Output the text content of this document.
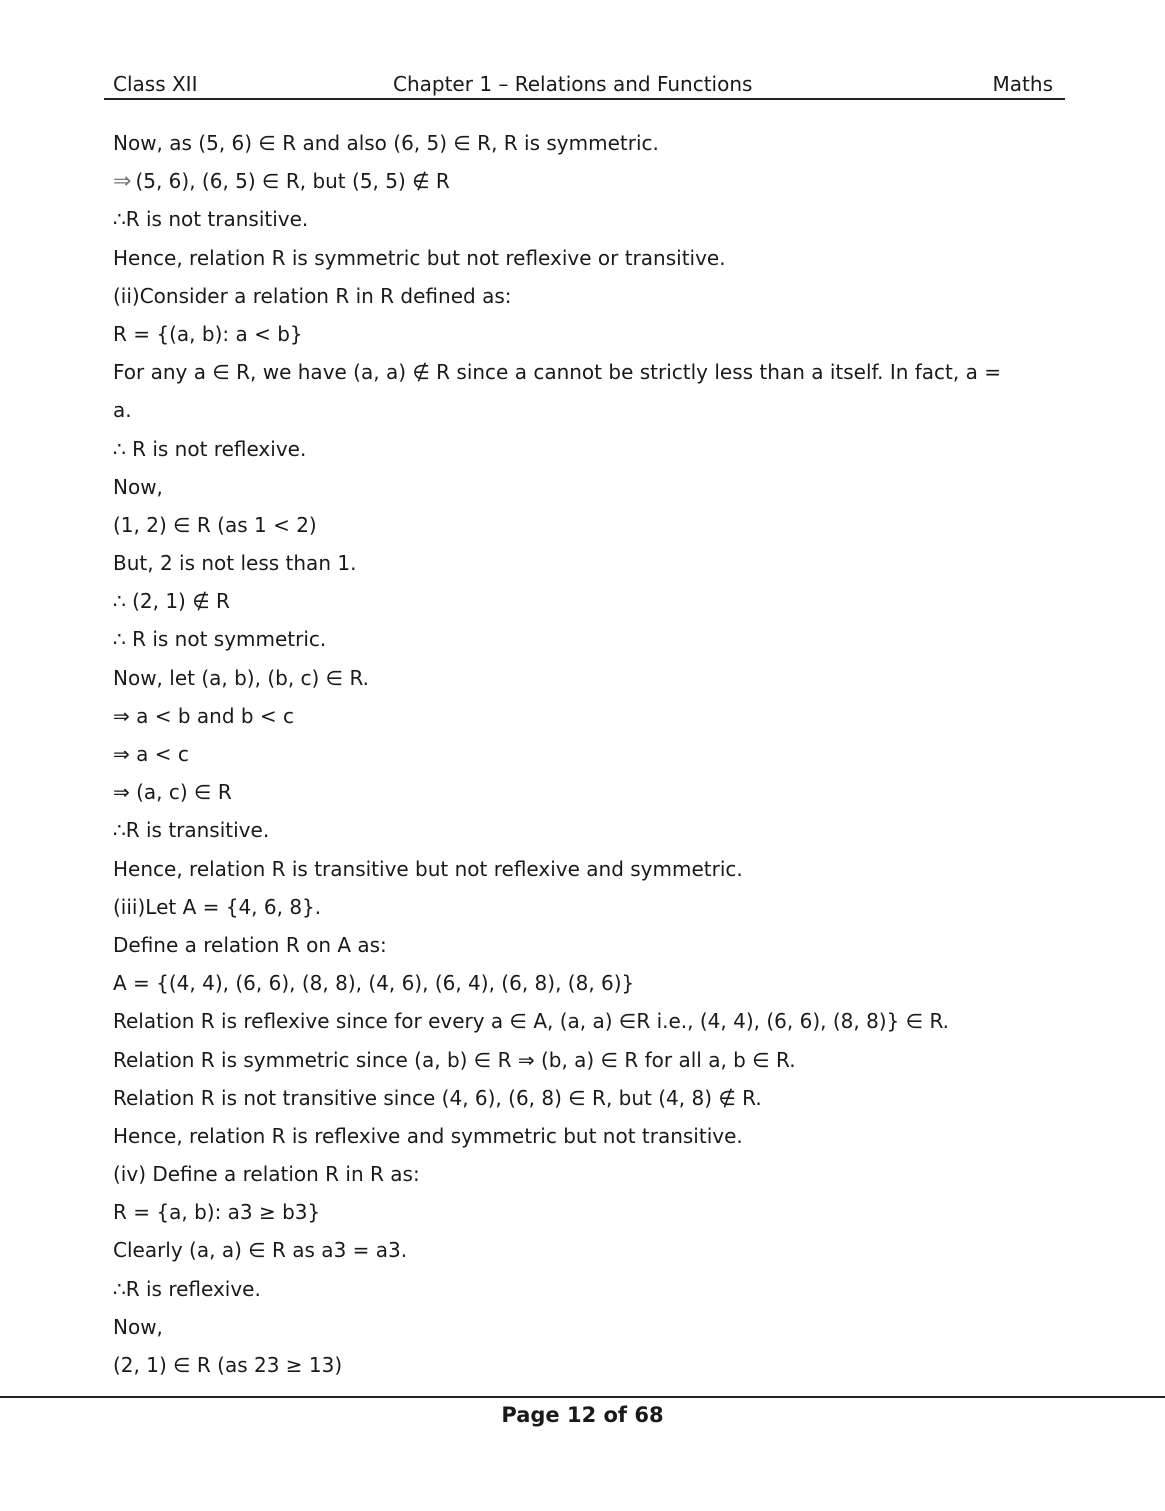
Class XII	Chapter 1 – Relations and Functions	Maths
Now, as (5, 6) ∈ R and also (6, 5) ∈ R, R is symmetric.
⇒ (5, 6), (6, 5) ∈ R, but (5, 5) ∉ R
∴R is not transitive.
Hence, relation R is symmetric but not reflexive or transitive.
(ii)Consider a relation R in R defined as:
R = {(a, b): a < b}
For any a ∈ R, we have (a, a) ∉ R since a cannot be strictly less than a itself. In fact, a =
a.
∴ R is not reflexive.
Now,
(1, 2) ∈ R (as 1 < 2)
But, 2 is not less than 1.
∴ (2, 1) ∉ R
∴ R is not symmetric.
Now, let (a, b), (b, c) ∈ R.
⇒ a < b and b < c
⇒ a < c
⇒ (a, c) ∈ R
∴R is transitive.
Hence, relation R is transitive but not reflexive and symmetric.
(iii)Let A = {4, 6, 8}.
Define a relation R on A as:
A = {(4, 4), (6, 6), (8, 8), (4, 6), (6, 4), (6, 8), (8, 6)}
Relation R is reflexive since for every a ∈ A, (a, a) ∈R i.e., (4, 4), (6, 6), (8, 8)} ∈ R.
Relation R is symmetric since (a, b) ∈ R ⇒ (b, a) ∈ R for all a, b ∈ R.
Relation R is not transitive since (4, 6), (6, 8) ∈ R, but (4, 8) ∉ R.
Hence, relation R is reflexive and symmetric but not transitive.
(iv) Define a relation R in R as:
R = {a, b): a3 ≥ b3}
Clearly (a, a) ∈ R as a3 = a3.
∴R is reflexive.
Now,
(2, 1) ∈ R (as 23 ≥ 13)
Page 12 of 68
